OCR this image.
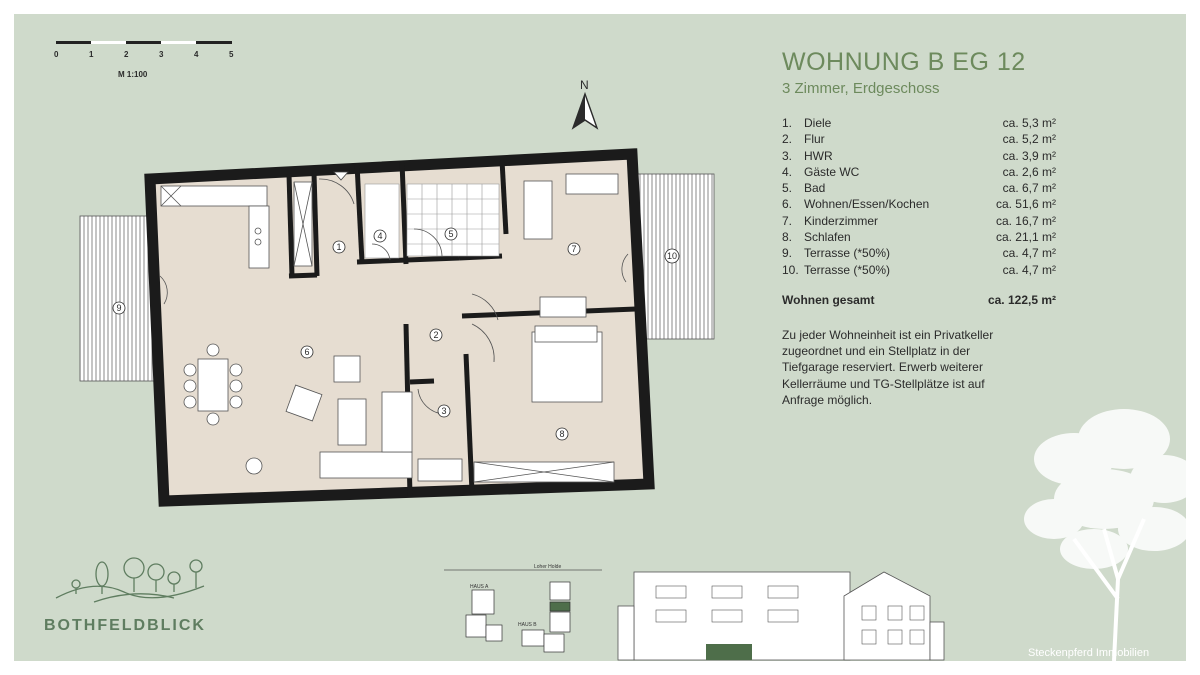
0	1	2	3	4	5
M 1:100
N
1
2
3
4	5
6
7
8
9
10
WOHNUNG B EG 12
3 Zimmer, Erdgeschoss
1. Diele	ca. 5,3 m²
2. Flur	ca. 5,2 m²
3. HWR	ca. 3,9 m²
4. Gäste WC	ca. 2,6 m²
5. Bad	ca. 6,7 m²
6. Wohnen/Essen/Kochen	ca. 51,6 m²
7. Kinderzimmer	ca. 16,7 m²
8. Schlafen	ca. 21,1 m²
9. Terrasse (*50%)	ca. 4,7 m²
10. Terrasse (*50%)	ca. 4,7 m²
Wohnen gesamt	ca. 122,5 m²
Zu jeder Wohneinheit ist ein Privatkeller zugeordnet und ein Stellplatz in der Tiefgarage reserviert. Erwerb weiterer Kellerräume und TG-Stellplätze ist auf Anfrage möglich.
BOTHFELDBLICK
Loher Holde
HAUS A
HAUS B
Steckenpferd Immobilien
